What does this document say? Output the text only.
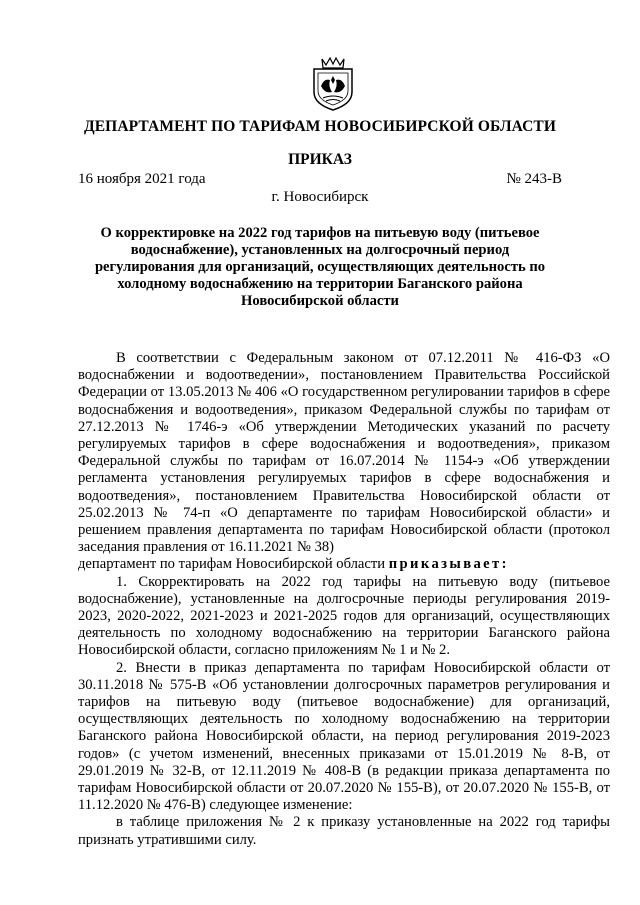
ДЕПАРТАМЕНТ ПО ТАРИФАМ НОВОСИБИРСКОЙ ОБЛАСТИ
ПРИКАЗ
16 ноября 2021 года	№ 243-В
г. Новосибирск
О корректировке на 2022 год тарифов на питьевую воду (питьевое водоснабжение), установленных на долгосрочный период регулирования для организаций, осуществляющих деятельность по холодному водоснабжению на территории Баганского района Новосибирской области

В соответствии с Федеральным законом от 07.12.2011 № 416-ФЗ «О водоснабжении и водоотведении», постановлением Правительства Российской Федерации от 13.05.2013 № 406 «О государственном регулировании тарифов в сфере водоснабжения и водоотведения», приказом Федеральной службы по тарифам от 27.12.2013 № 1746-э «Об утверждении Методических указаний по расчету регулируемых тарифов в сфере водоснабжения и водоотведения», приказом Федеральной службы по тарифам от 16.07.2014 № 1154-э «Об утверждении регламента установления регулируемых тарифов в сфере водоснабжения и водоотведения», постановлением Правительства Новосибирской области от 25.02.2013 № 74-п «О департаменте по тарифам Новосибирской области» и решением правления департамента по тарифам Новосибирской области (протокол заседания правления от 16.11.2021 № 38)

департамент по тарифам Новосибирской области приказывает:

1. Скорректировать на 2022 год тарифы на питьевую воду (питьевое водоснабжение), установленные на долгосрочные периоды регулирования 2019-2023, 2020-2022, 2021-2023 и 2021-2025 годов для организаций, осуществляющих деятельность по холодному водоснабжению на территории Баганского района Новосибирской области, согласно приложениям № 1 и № 2.

2. Внести в приказ департамента по тарифам Новосибирской области от 30.11.2018 № 575-В «Об установлении долгосрочных параметров регулирования и тарифов на питьевую воду (питьевое водоснабжение) для организаций, осуществляющих деятельность по холодному водоснабжению на территории Баганского района Новосибирской области, на период регулирования 2019-2023 годов» (с учетом изменений, внесенных приказами от 15.01.2019 № 8-В, от 29.01.2019 № 32-В, от 12.11.2019 № 408-В (в редакции приказа департамента по тарифам Новосибирской области от 20.07.2020 № 155-В), от 20.07.2020 № 155-В, от 11.12.2020 № 476-В) следующее изменение:

в таблице приложения № 2 к приказу установленные на 2022 год тарифы признать утратившими силу.
